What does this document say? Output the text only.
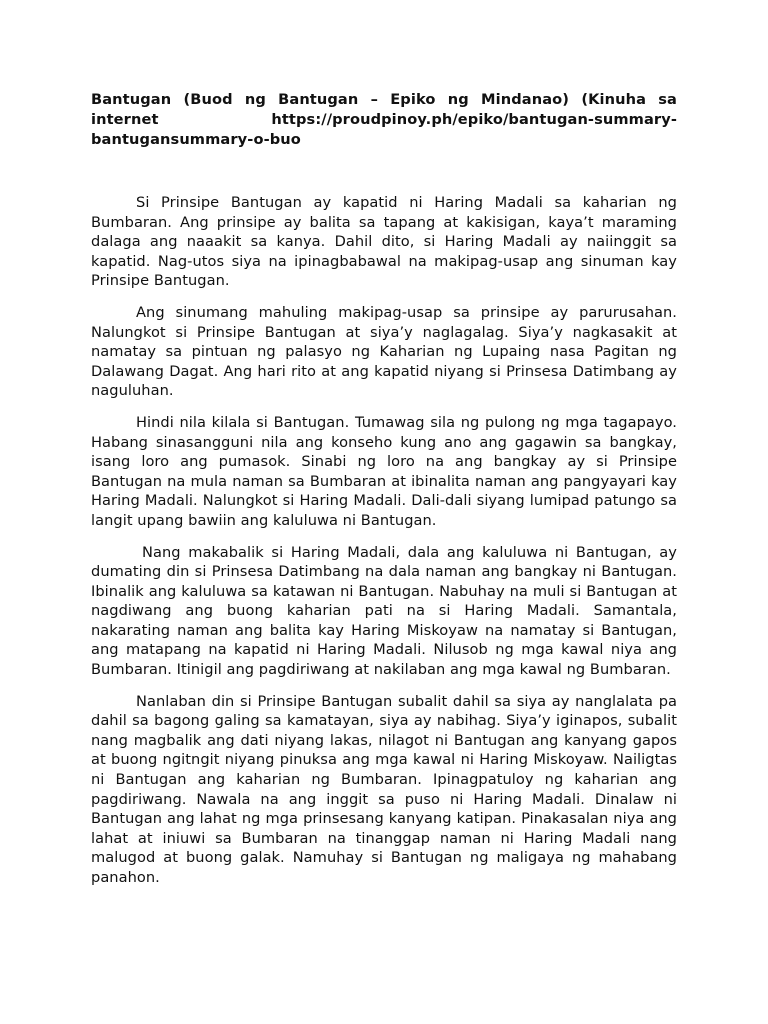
Bantugan (Buod ng Bantugan – Epiko ng Mindanao) (Kinuha sa internet https://proudpinoy.ph/epiko/bantugan-summary-bantugansummary-o-buo

Si Prinsipe Bantugan ay kapatid ni Haring Madali sa kaharian ng Bumbaran. Ang prinsipe ay balita sa tapang at kakisigan, kaya’t maraming dalaga ang naaakit sa kanya. Dahil dito, si Haring Madali ay naiinggit sa kapatid. Nag-utos siya na ipinagbabawal na makipag-usap ang sinuman kay Prinsipe Bantugan.

Ang sinumang mahuling makipag-usap sa prinsipe ay parurusahan. Nalungkot si Prinsipe Bantugan at siya’y naglagalag. Siya’y nagkasakit at namatay sa pintuan ng palasyo ng Kaharian ng Lupaing nasa Pagitan ng Dalawang Dagat. Ang hari rito at ang kapatid niyang si Prinsesa Datimbang ay naguluhan.

Hindi nila kilala si Bantugan. Tumawag sila ng pulong ng mga tagapayo. Habang sinasangguni nila ang konseho kung ano ang gagawin sa bangkay, isang loro ang pumasok. Sinabi ng loro na ang bangkay ay si Prinsipe Bantugan na mula naman sa Bumbaran at ibinalita naman ang pangyayari kay Haring Madali. Nalungkot si Haring Madali. Dali-dali siyang lumipad patungo sa langit upang bawiin ang kaluluwa ni Bantugan.

Nang makabalik si Haring Madali, dala ang kaluluwa ni Bantugan, ay dumating din si Prinsesa Datimbang na dala naman ang bangkay ni Bantugan. Ibinalik ang kaluluwa sa katawan ni Bantugan. Nabuhay na muli si Bantugan at nagdiwang ang buong kaharian pati na si Haring Madali. Samantala, nakarating naman ang balita kay Haring Miskoyaw na namatay si Bantugan, ang matapang na kapatid ni Haring Madali. Nilusob ng mga kawal niya ang Bumbaran. Itinigil ang pagdiriwang at nakilaban ang mga kawal ng Bumbaran.

Nanlaban din si Prinsipe Bantugan subalit dahil sa siya ay nanglalata pa dahil sa bagong galing sa kamatayan, siya ay nabihag. Siya’y iginapos, subalit nang magbalik ang dati niyang lakas, nilagot ni Bantugan ang kanyang gapos at buong ngitngit niyang pinuksa ang mga kawal ni Haring Miskoyaw. Nailigtas ni Bantugan ang kaharian ng Bumbaran. Ipinagpatuloy ng kaharian ang pagdiriwang. Nawala na ang inggit sa puso ni Haring Madali. Dinalaw ni Bantugan ang lahat ng mga prinsesang kanyang katipan. Pinakasalan niya ang lahat at iniuwi sa Bumbaran na tinanggap naman ni Haring Madali nang malugod at buong galak. Namuhay si Bantugan ng maligaya ng mahabang panahon.
